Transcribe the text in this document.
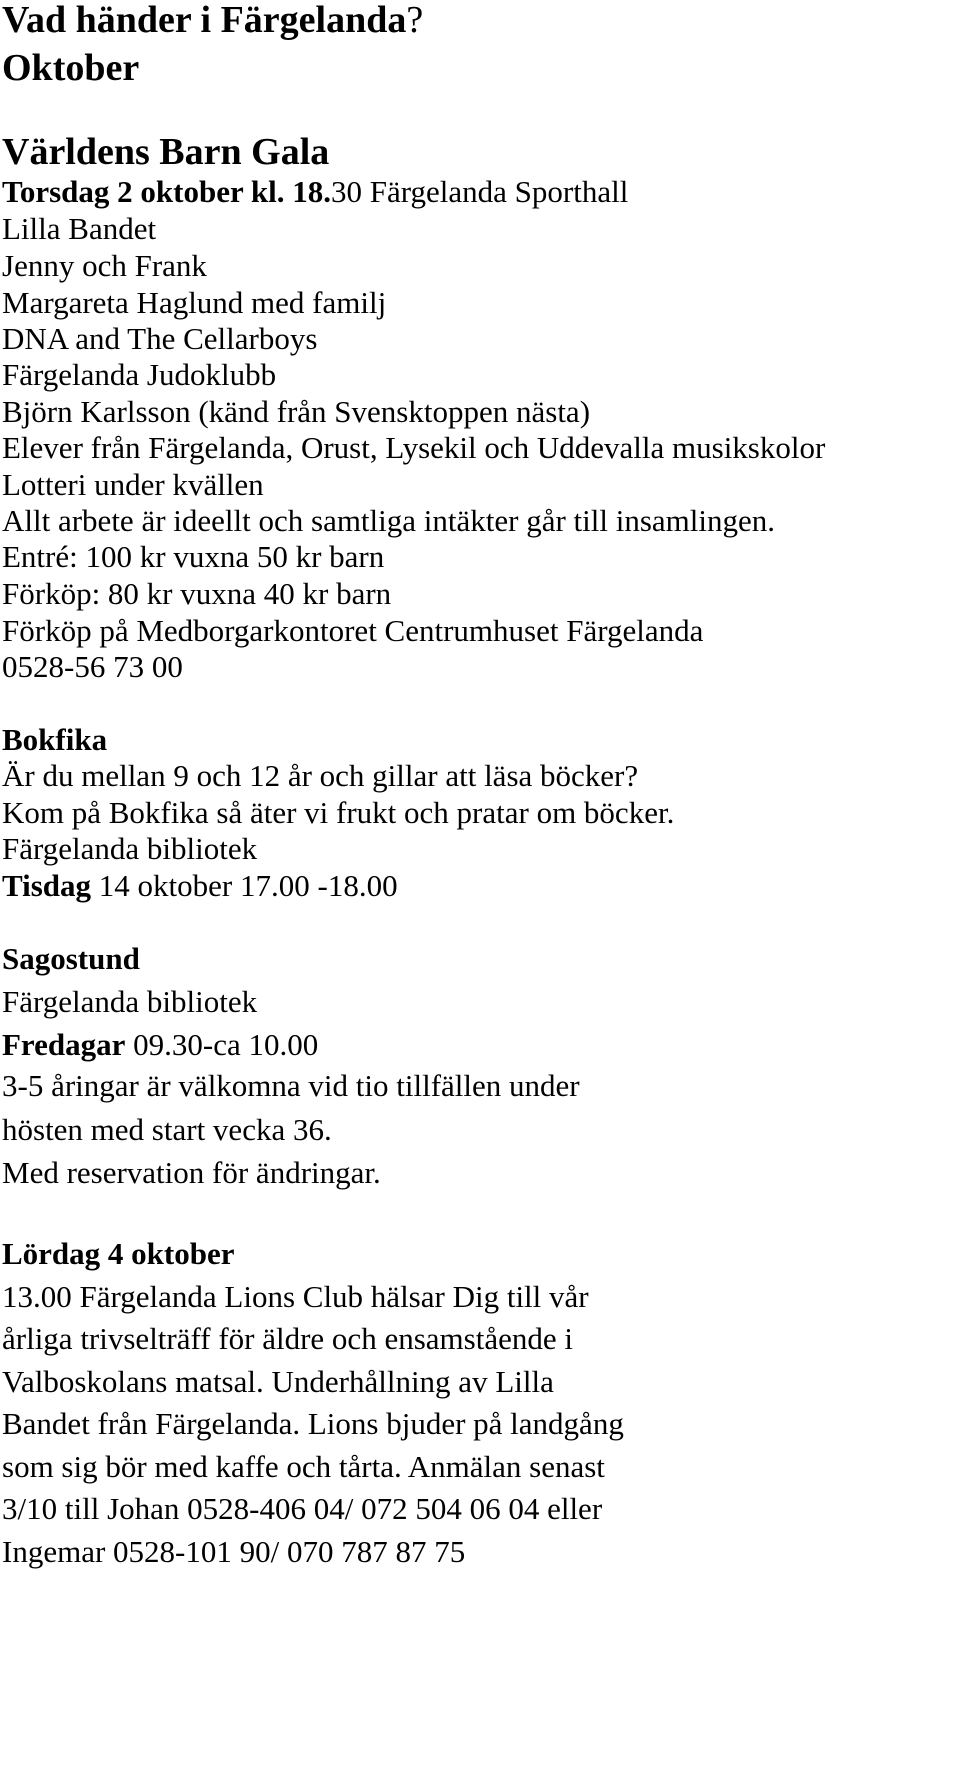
Vad händer i Färgelanda?
Oktober
Världens Barn Gala
Torsdag 2 oktober kl. 18.30 Färgelanda Sporthall
Lilla Bandet
Jenny och Frank
Margareta Haglund med familj
DNA and The Cellarboys
Färgelanda Judoklubb
Björn Karlsson (känd från Svensktoppen nästa)
Elever från Färgelanda, Orust, Lysekil och Uddevalla musikskolor
Lotteri under kvällen
Allt arbete är ideellt och samtliga intäkter går till insamlingen.
Entré: 100 kr vuxna 50 kr barn
Förköp: 80 kr vuxna 40 kr barn
Förköp på Medborgarkontoret Centrumhuset Färgelanda
0528-56 73 00
Bokfika
Är du mellan 9 och 12 år och gillar att läsa böcker?
Kom på Bokfika så äter vi frukt och pratar om böcker.
Färgelanda bibliotek
Tisdag 14 oktober 17.00 -18.00
Sagostund
Färgelanda bibliotek
Fredagar 09.30-ca 10.00
3-5 åringar är välkomna vid tio tillfällen under
hösten med start vecka 36.
Med reservation för ändringar.
Lördag 4 oktober
13.00 Färgelanda Lions Club hälsar Dig till vår
årliga trivselträff för äldre och ensamstående i
Valboskolans matsal. Underhållning av Lilla
Bandet från Färgelanda. Lions bjuder på landgång
som sig bör med kaffe och tårta. Anmälan senast
3/10 till Johan 0528-406 04/ 072 504 06 04 eller
Ingemar 0528-101 90/ 070 787 87 75
